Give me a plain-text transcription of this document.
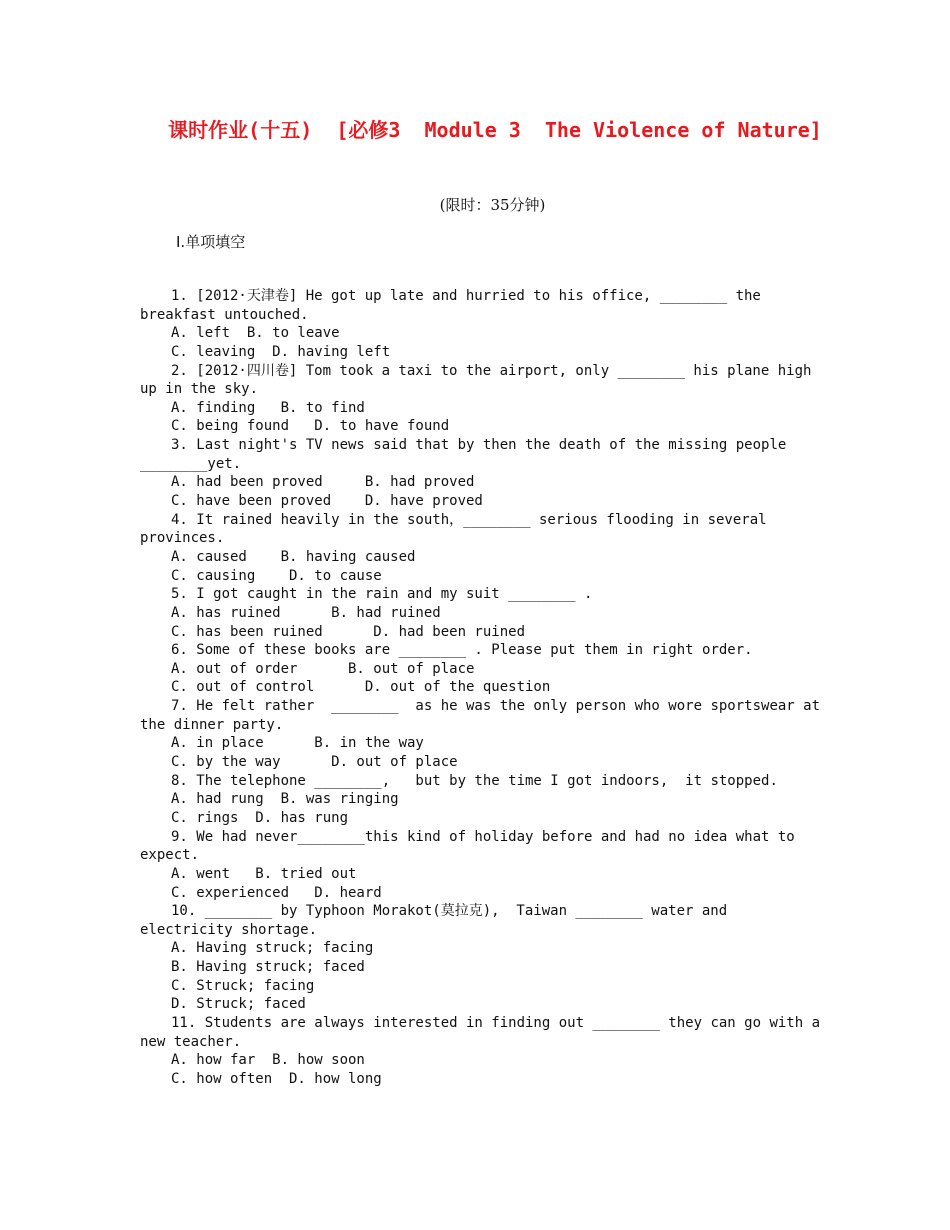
课时作业(十五)  [必修3  Module 3  The Violence of Nature]
(限时：35分钟)
Ⅰ.单项填空
1. [2012·天津卷] He got up late and hurried to his office, ________ the
breakfast untouched.
A. left  B. to leave
C. leaving  D. having left
2. [2012·四川卷] Tom took a taxi to the airport, only ________ his plane high
up in the sky.
A. finding   B. to find
C. being found   D. to have found
3. Last night's TV news said that by then the death of the missing people
________yet.
A. had been proved     B. had proved
C. have been proved    D. have proved
4. It rained heavily in the south，________ serious flooding in several
provinces.
A. caused    B. having caused
C. causing    D. to cause
5. I got caught in the rain and my suit ________ .
A. has ruined      B. had ruined
C. has been ruined      D. had been ruined
6. Some of these books are ________ . Please put them in right order.
A. out of order      B. out of place
C. out of control      D. out of the question
7. He felt rather  ________  as he was the only person who wore sportswear at
the dinner party.
A. in place      B. in the way
C. by the way      D. out of place
8. The telephone ________,   but by the time I got indoors,  it stopped.
A. had rung  B. was ringing
C. rings  D. has rung
9. We had never________this kind of holiday before and had no idea what to
expect.
A. went   B. tried out
C. experienced   D. heard
10. ________ by Typhoon Morakot(莫拉克),  Taiwan ________ water and
electricity shortage.
A. Having struck; facing
B. Having struck; faced
C. Struck; facing
D. Struck; faced
11. Students are always interested in finding out ________ they can go with a
new teacher.
A. how far  B. how soon
C. how often  D. how long
